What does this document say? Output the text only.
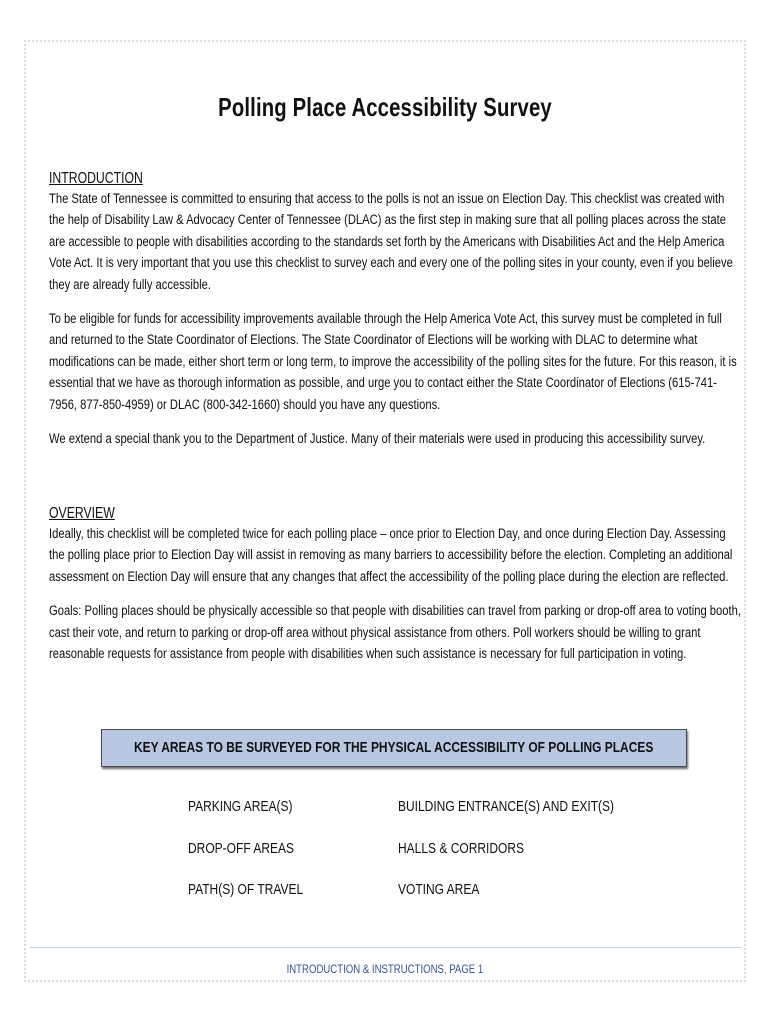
Polling Place Accessibility Survey
INTRODUCTION

The State of Tennessee is committed to ensuring that access to the polls is not an issue on Election Day. This checklist was created with the help of Disability Law & Advocacy Center of Tennessee (DLAC) as the first step in making sure that all polling places across the state are accessible to people with disabilities according to the standards set forth by the Americans with Disabilities Act and the Help America Vote Act. It is very important that you use this checklist to survey each and every one of the polling sites in your county, even if you believe they are already fully accessible.

To be eligible for funds for accessibility improvements available through the Help America Vote Act, this survey must be completed in full and returned to the State Coordinator of Elections. The State Coordinator of Elections will be working with DLAC to determine what modifications can be made, either short term or long term, to improve the accessibility of the polling sites for the future. For this reason, it is essential that we have as thorough information as possible, and urge you to contact either the State Coordinator of Elections (615-741-7956, 877-850-4959) or DLAC (800-342-1660) should you have any questions.

We extend a special thank you to the Department of Justice. Many of their materials were used in producing this accessibility survey.

OVERVIEW

Ideally, this checklist will be completed twice for each polling place – once prior to Election Day, and once during Election Day. Assessing the polling place prior to Election Day will assist in removing as many barriers to accessibility before the election. Completing an additional assessment on Election Day will ensure that any changes that affect the accessibility of the polling place during the election are reflected.

Goals: Polling places should be physically accessible so that people with disabilities can travel from parking or drop-off area to voting booth, cast their vote, and return to parking or drop-off area without physical assistance from others. Poll workers should be willing to grant reasonable requests for assistance from people with disabilities when such assistance is necessary for full participation in voting.

KEY AREAS TO BE SURVEYED FOR THE PHYSICAL ACCESSIBILITY OF POLLING PLACES
PARKING AREA(S)	BUILDING ENTRANCE(S) AND EXIT(S)
DROP-OFF AREAS	HALLS & CORRIDORS
PATH(S) OF TRAVEL	VOTING AREA
INTRODUCTION & INSTRUCTIONS, PAGE 1
